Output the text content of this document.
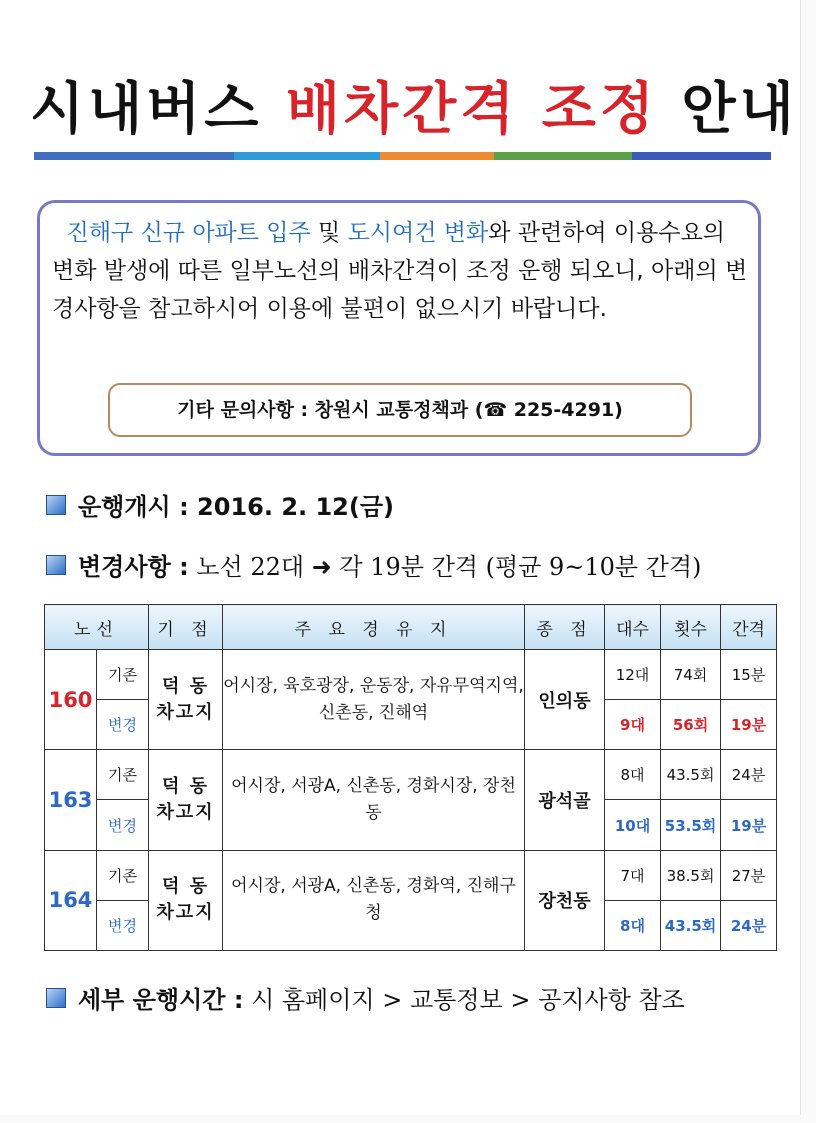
시내버스 배차간격 조정 안내
진해구 신규 아파트 입주 및 도시여건 변화와 관련하여 이용수요의 변화 발생에 따른 일부노선의 배차간격이 조정 운행 되오니, 아래의 변경사항을 참고하시어 이용에 불편이 없으시기 바랍니다.
기타 문의사항 : 창원시 교통정책과 (☎ 225-4291)
운행개시 : 2016. 2. 12(금)
변경사항 : 노선 22대 ➜ 각 19분 간격 (평균 9~10분 간격)
노선		기 점	주 요 경 유 지	종 점	대수	횟수	간격
160	기존	덕 동 차고지	어시장, 육호광장, 운동장, 자유무역지역, 신촌동, 진해역	인의동	12대	74회	15분
	변경				9대	56회	19분
163	기존	덕 동 차고지	어시장, 서광A, 신촌동, 경화시장, 장천동	광석골	8대	43.5회	24분
	변경				10대	53.5회	19분
164	기존	덕 동 차고지	어시장, 서광A, 신촌동, 경화역, 진해구청	장천동	7대	38.5회	27분
	변경				8대	43.5회	24분
세부 운행시간 : 시 홈페이지 > 교통정보 > 공지사항 참조
